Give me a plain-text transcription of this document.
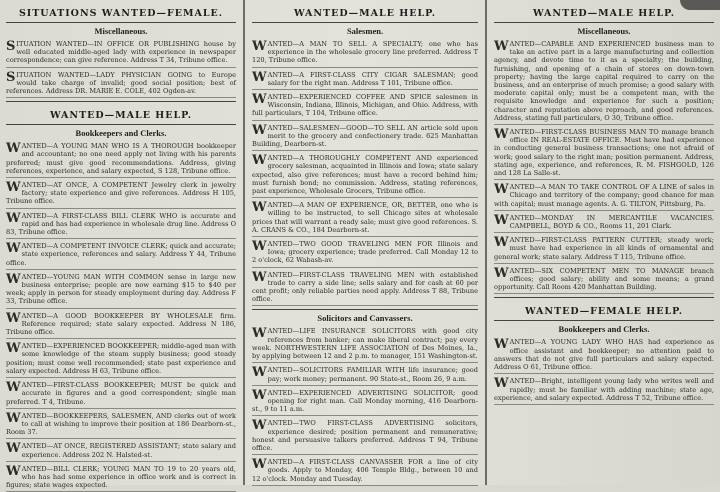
SITUATIONS WANTED—FEMALE.
Miscellaneous.
SITUATION WANTED—IN OFFICE OR PUBLISHING house by well educated middle-aged lady with experience in newspaper correspondence; can give reference. Address T 34, Tribune office.
SITUATION WANTED—LADY PHYSICIAN GOING to Europe would take charge of invalid; good social position; best of references. Address DR. MARIE E. COLE, 402 Ogden-av.
WANTED—MALE HELP.
Bookkeepers and Clerks.
WANTED—A YOUNG MAN WHO IS A THOROUGH bookkeeper and accountant; no one need apply not living with his parents preferred; must give good recommendations. Address, giving references, experience, and salary expected, S 128, Tribune office.
WANTED—AT ONCE, A COMPETENT Jewelry clerk in jewelry factory; state experience and give references. Address H 105, Tribune office.
WANTED—A FIRST-CLASS BILL CLERK WHO is accurate and rapid and has had experience in wholesale drug line. Address O 83, Tribune office.
WANTED—A COMPETENT INVOICE CLERK; quick and accurate; state experience, references and salary. Address Y 44, Tribune office.
WANTED—YOUNG MAN WITH COMMON sense in large new business enterprise; people are now earning $15 to $40 per week; apply in person for steady employment during day. Address F 33, Tribune office.
WANTED—A GOOD BOOKKEEPER BY WHOLESALE firm. Reference required; state salary expected. Address N 186, Tribune office.
WANTED—EXPERIENCED BOOKKEEPER; middle-aged man with some knowledge of the steam supply business; good steady position; must come well recommended; state past experience and salary expected. Address H 63, Tribune office.
WANTED—FIRST-CLASS BOOKKEEPER; MUST be quick and accurate in figures and a good correspondent; single man preferred. T 4, Tribune.
WANTED—BOOKKEEPERS, SALESMEN, AND clerks out of work to call at wishing to improve their position at 186 Dearborn-st., Room 37.
WANTED—AT ONCE, REGISTERED ASSISTANT; state salary and experience. Address 202 N. Halsted-st.
WANTED—BILL CLERK; YOUNG MAN TO 19 to 20 years old, who has had some experience in office work and is correct in figures; state wages expected.
WANTED—MALE HELP.
Salesmen.
WANTED—A MAN TO SELL A SPECIALTY; one who has experience in the wholesale grocery line preferred. Address T 120, Tribune office.
WANTED—A FIRST-CLASS CITY CIGAR SALESMAN; good salary for the right man. Address T 101, Tribune office.
WANTED—EXPERIENCED COFFEE AND SPICE salesmen in Wisconsin, Indiana, Illinois, Michigan, and Ohio. Address, with full particulars, T 104, Tribune office.
WANTED—SALESMEN—GOOD—TO SELL AN article sold upon merit to the grocery and confectionery trade. 625 Manhattan Building, Dearborn-st.
WANTED—A THOROUGHLY COMPETENT AND experienced grocery salesman, acquainted in Illinois and Iowa; state salary expected, also give references; must have a record behind him; must furnish bond; no commission. Address, stating references, past experience, Wholesale Grocers, Tribune office.
WANTED—A MAN OF EXPERIENCE, OR, BETTER, one who is willing to be instructed, to sell Chicago sites at wholesale prices that will warrant a ready sale; must give good references. S. A. CRANS & CO., 184 Dearborn-st.
WANTED—TWO GOOD TRAVELING MEN FOR Illinois and Iowa; grocery experience; trade preferred. Call Monday 12 to 2 o'clock, 62 Wabash-av.
WANTED—FIRST-CLASS TRAVELING MEN with established trade to carry a side line; sells salary and for cash at 60 per cent profit; only reliable parties need apply. Address T 88, Tribune office.
Solicitors and Canvassers.
WANTED—LIFE INSURANCE SOLICITORS with good city references from banker; can make liberal contract; pay every week. NORTHWESTERN LIFE ASSOCIATION of Des Moines, Ia., by applying between 12 and 2 p.m. to manager, 151 Washington-st.
WANTED—SOLICITORS FAMILIAR WITH life insurance; good pay; work money; permanent. 90 State-st., Room 26, 9 a.m.
WANTED—EXPERIENCED ADVERTISING SOLICITOR; good opening for right man. Call Monday morning, 416 Dearborn-st., 9 to 11 a.m.
WANTED—TWO FIRST-CLASS ADVERTISING solicitors, experience desired; position permanent and remunerative; honest and persuasive talkers preferred. Address T 94, Tribune office.
WANTED—A FIRST-CLASS CANVASSER FOR a line of city goods. Apply to Monday, 406 Temple Bldg., between 10 and 12 o'clock. Monday and Tuesday.
WANTED—MALE HELP.
Miscellaneous.
WANTED—CAPABLE AND EXPERIENCED business man to take an active part in a large manufacturing and collection agency, and devote time to it as a specialty; the building, furnishing, and opening of a chain of stores on down-town property; having the large capital required to carry on the business, and an enterprise of much promise; a good salary with moderate capital only; must be a competent man, with the requisite knowledge and experience for such a position; character and reputation above reproach, and good references. Address, stating full particulars, O 30, Tribune office.
WANTED—FIRST-CLASS BUSINESS MAN TO manage branch office IN REAL-ESTATE OFFICE. Must have had experience in conducting general business transactions; one not afraid of work; good salary to the right man; position permanent. Address, stating age, experience, and references, R. M. FISHGOLD, 126 and 128 La Salle-st.
WANTED—A MAN TO TAKE CONTROL OF A LINE of sales in Chicago and territory of the company; good chance for man with capital; must manage agents. A. G. TILTON, Pittsburg, Pa.
WANTED—MONDAY IN MERCANTILE VACANCIES. CAMPBELL, BOYD & CO., Rooms 11, 201 Clark.
WANTED—FIRST-CLASS PATTERN CUTTER; steady work; must have had experience in all kinds of ornamental and general work; state salary. Address T 115, Tribune office.
WANTED—SIX COMPETENT MEN TO MANAGE branch offices; good salary; ability and some means; a grand opportunity. Call Room 420 Manhattan Building.
WANTED—FEMALE HELP.
Bookkeepers and Clerks.
WANTED—A YOUNG LADY WHO HAS had experience as office assistant and bookkeeper; no attention paid to answers that do not give full particulars and salary expected. Address O 61, Tribune office.
WANTED—Bright, intelligent young lady who writes well and rapidly; must be familiar with adding machine; state age, experience, and salary expected. Address T 52, Tribune office.
